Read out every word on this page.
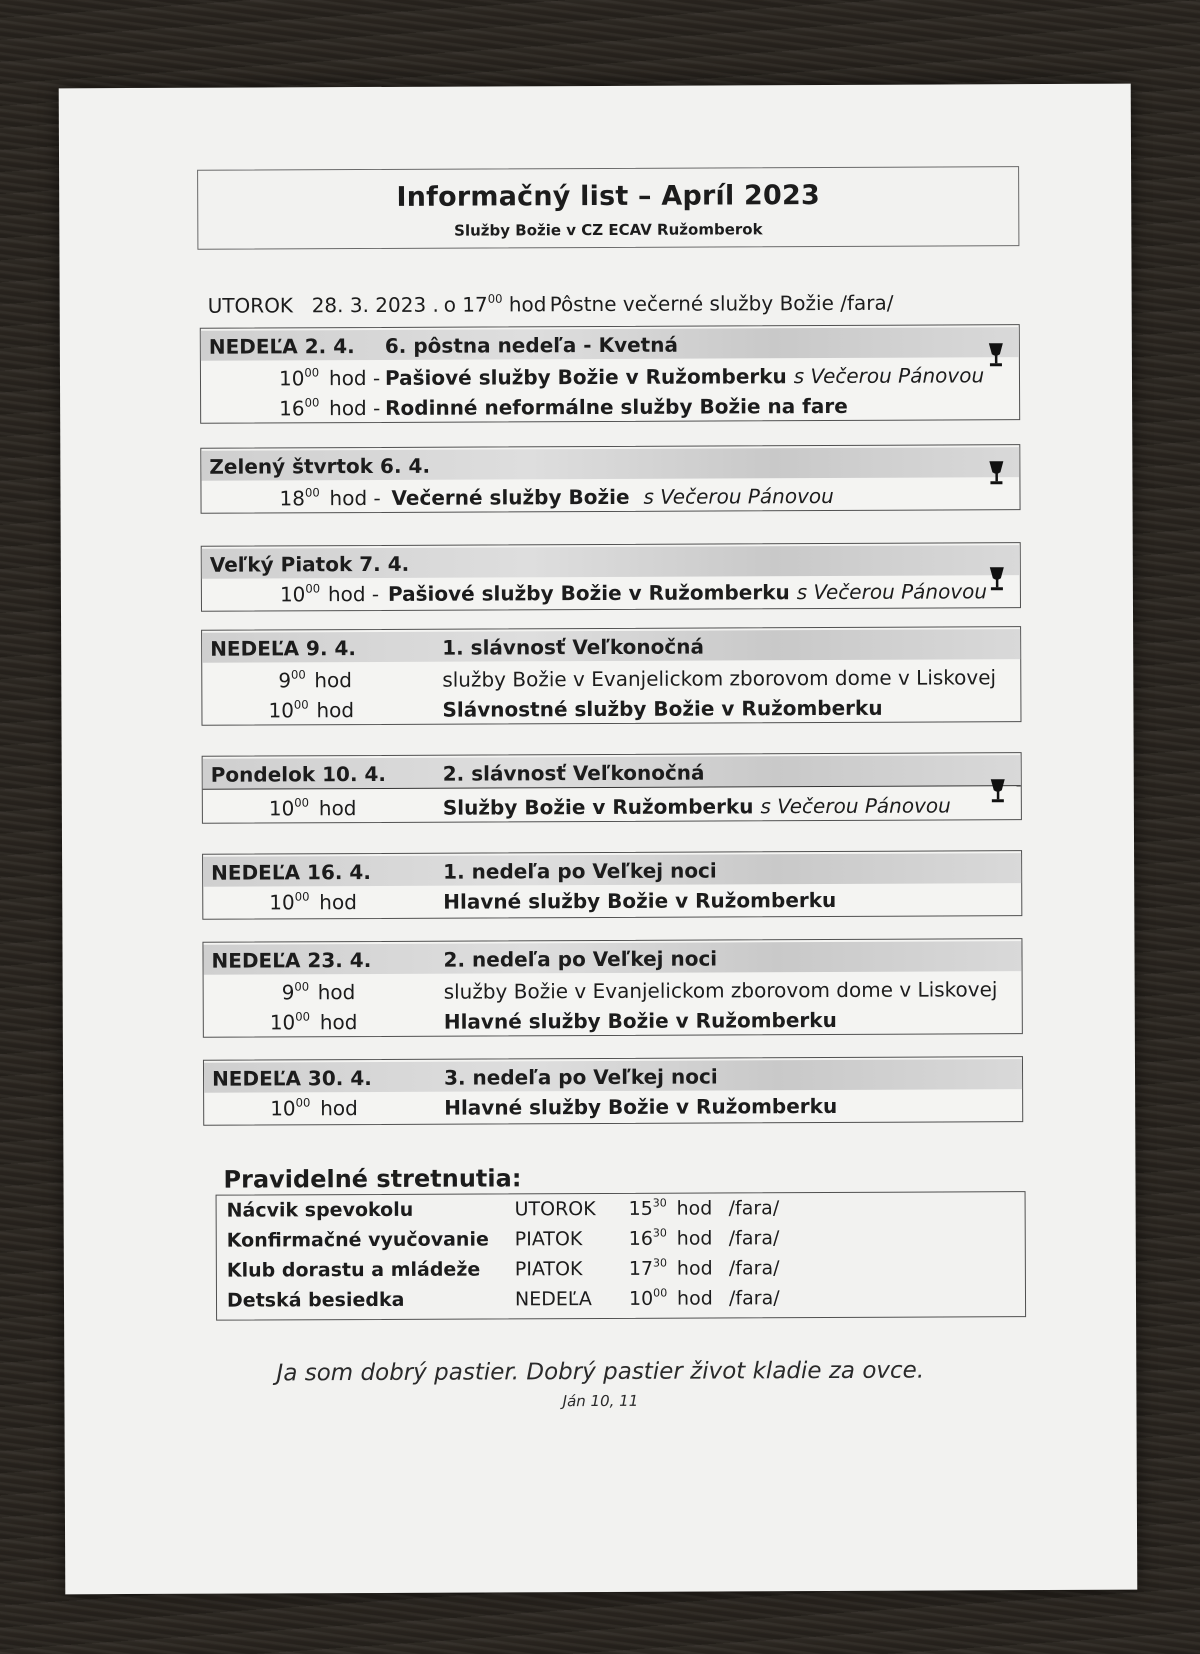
Informačný list – Apríl 2023
Služby Božie v CZ ECAV Ružomberok
UTOROK 28. 3. 2023 . o $17^{00}$ hod Pôstne večerné služby Božie /fara/
NEDEĽA 2. 4. 6. pôstna nedeľa - Kvetná
$10^{00}$ hod - Pašiové služby Božie v Ružomberku s Večerou Pánovou
$16^{00}$ hod - Rodinné neformálne služby Božie na fare
Zelený štvrtok 6. 4.
$18^{00}$ hod - Večerné služby Božie s Večerou Pánovou
Veľký Piatok 7. 4.
$10^{00}$ hod - Pašiové služby Božie v Ružomberku s Večerou Pánovou
NEDEĽA 9. 4.	1. slávnosť Veľkonočná
$9^{00}$ hod	služby Božie v Evanjelickom zborovom dome v Liskovej
$10^{00}$ hod	Slávnostné služby Božie v Ružomberku
Pondelok 10. 4.	2. slávnosť Veľkonočná
$10^{00}$ hod	Služby Božie v Ružomberku s Večerou Pánovou
NEDEĽA 16. 4.	1. nedeľa po Veľkej noci
$10^{00}$ hod	Hlavné služby Božie v Ružomberku
NEDEĽA 23. 4.	2. nedeľa po Veľkej noci
$9^{00}$ hod	služby Božie v Evanjelickom zborovom dome v Liskovej
$10^{00}$ hod	Hlavné služby Božie v Ružomberku
NEDEĽA 30. 4.	3. nedeľa po Veľkej noci
$10^{00}$ hod	Hlavné služby Božie v Ružomberku
Pravidelné stretnutia:
Nácvik spevokolu	UTOROK $15^{30}$ hod /fara/
Konfirmačné vyučovanie PIATOK $16^{30}$ hod /fara/
Klub dorastu a mládeže PIATOK $17^{30}$ hod /fara/
Detská besiedka	NEDEĽA $10^{00}$ hod /fara/
Ja som dobrý pastier. Dobrý pastier život kladie za ovce.
Ján 10, 11
